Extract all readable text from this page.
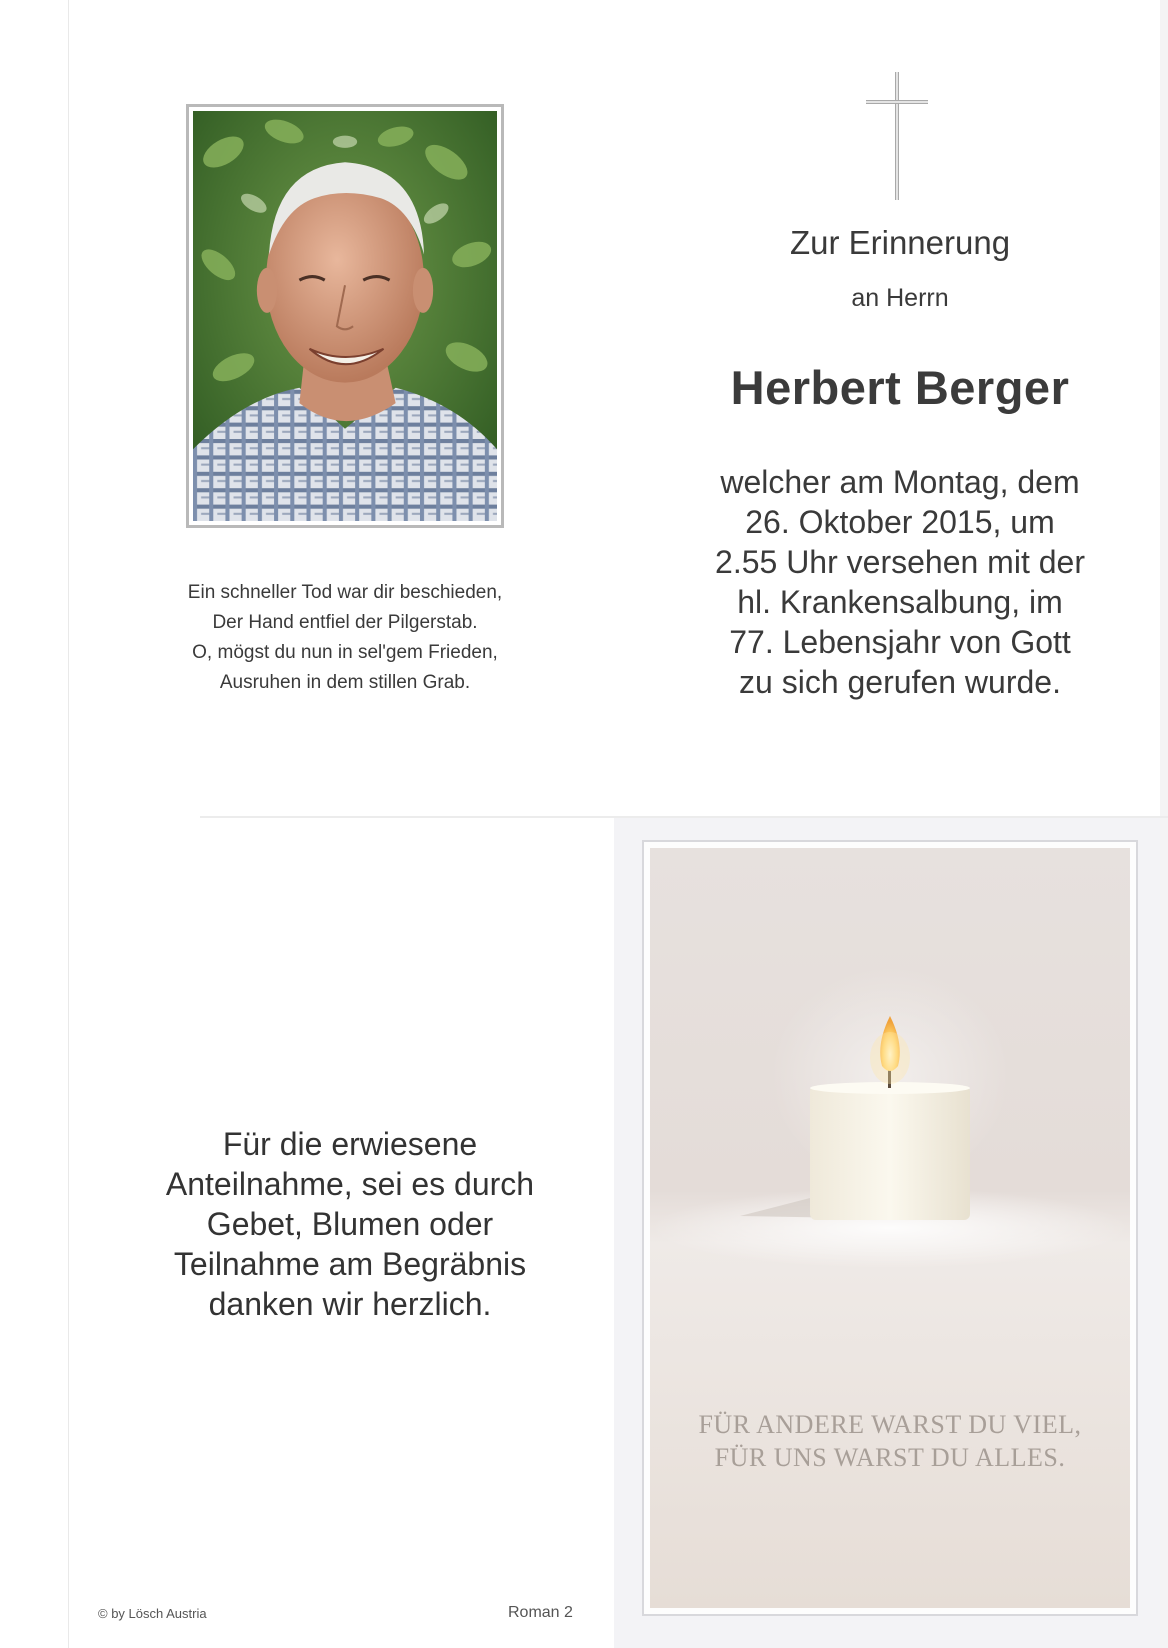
Ein schneller Tod war dir beschieden,
Der Hand entfiel der Pilgerstab.
O, mögst du nun in sel'gem Frieden,
Ausruhen in dem stillen Grab.
Zur Erinnerung
an Herrn
Herbert Berger
welcher am Montag, dem
26. Oktober 2015, um
2.55 Uhr versehen mit der
hl. Krankensalbung, im
77. Lebensjahr von Gott
zu sich gerufen wurde.
Für die erwiesene
Anteilnahme, sei es durch
Gebet, Blumen oder
Teilnahme am Begräbnis
danken wir herzlich.
© by Lösch Austria	Roman 2
FÜR ANDERE WARST DU VIEL,
FÜR UNS WARST DU ALLES.
